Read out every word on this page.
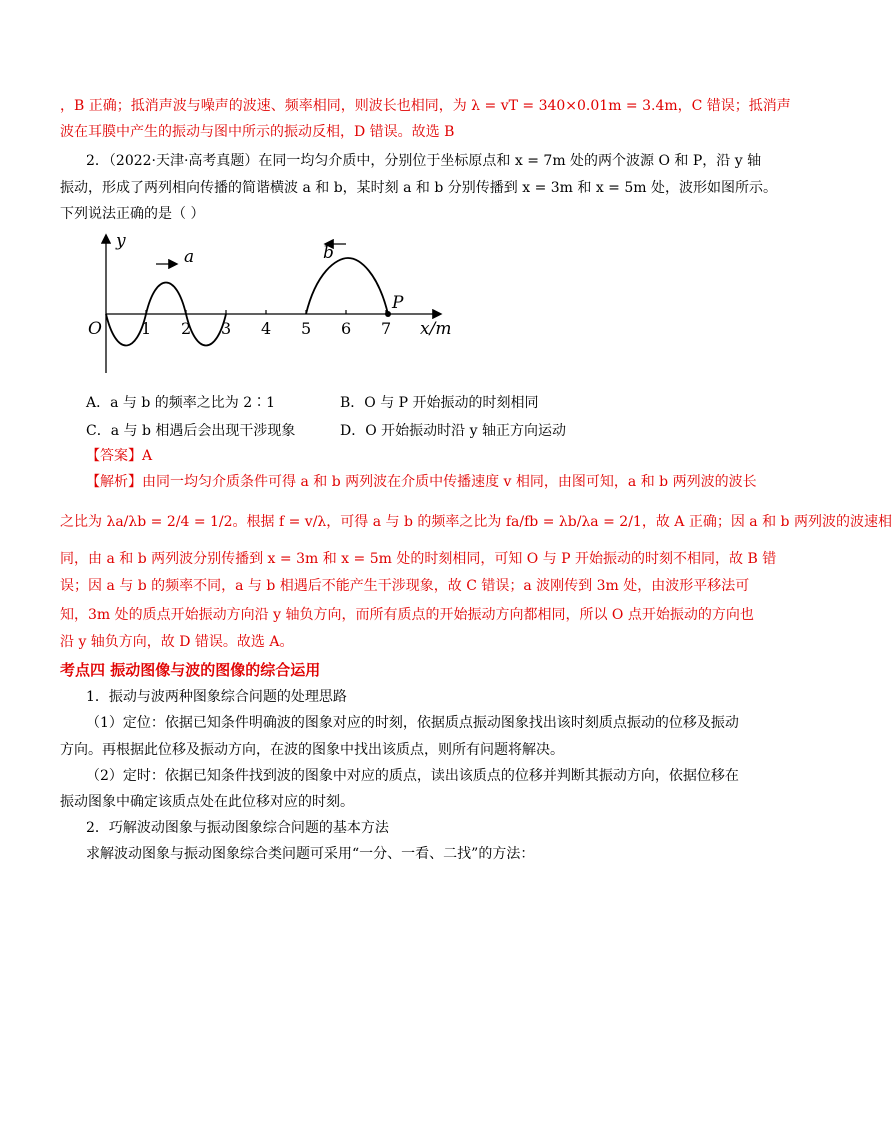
，B 正确；抵消声波与噪声的波速、频率相同，则波长也相同，为 λ = vT = 340×0.01m = 3.4m，C 错误；抵消声
波在耳膜中产生的振动与图中所示的振动反相，D 错误。故选 B
2．（2022·天津·高考真题）在同一均匀介质中，分别位于坐标原点和 x = 7m 处的两个波源 O 和 P，沿 y 轴
振动，形成了两列相向传播的简谐横波 a 和 b，某时刻 a 和 b 分别传播到 x = 3m 和 x = 5m 处，波形如图所示。
下列说法正确的是（ ）
y
O	x/m
1 2 3 4 5 6 7
a	b
P
A．a 与 b 的频率之比为 2∶1	B．O 与 P 开始振动的时刻相同
C．a 与 b 相遇后会出现干涉现象	D．O 开始振动时沿 y 轴正方向运动
【答案】A
【解析】由同一均匀介质条件可得 a 和 b 两列波在介质中传播速度 v 相同，由图可知，a 和 b 两列波的波长
之比为 λa/λb = 2/4 = 1/2。根据 f = v/λ，可得 a 与 b 的频率之比为 fa/fb = λb/λa = 2/1，故 A 正确；因 a 和 b 两列波的波速相
同，由 a 和 b 两列波分别传播到 x = 3m 和 x = 5m 处的时刻相同，可知 O 与 P 开始振动的时刻不相同，故 B 错
误；因 a 与 b 的频率不同，a 与 b 相遇后不能产生干涉现象，故 C 错误；a 波刚传到 3m 处，由波形平移法可
知，3m 处的质点开始振动方向沿 y 轴负方向，而所有质点的开始振动方向都相同，所以 O 点开始振动的方向也
沿 y 轴负方向，故 D 错误。故选 A。
考点四 振动图像与波的图像的综合运用
1．振动与波两种图象综合问题的处理思路
（1）定位：依据已知条件明确波的图象对应的时刻，依据质点振动图象找出该时刻质点振动的位移及振动
方向。再根据此位移及振动方向，在波的图象中找出该质点，则所有问题将解决。
（2）定时：依据已知条件找到波的图象中对应的质点，读出该质点的位移并判断其振动方向，依据位移在
振动图象中确定该质点处在此位移对应的时刻。
2．巧解波动图象与振动图象综合问题的基本方法
求解波动图象与振动图象综合类问题可采用“一分、一看、二找”的方法：
